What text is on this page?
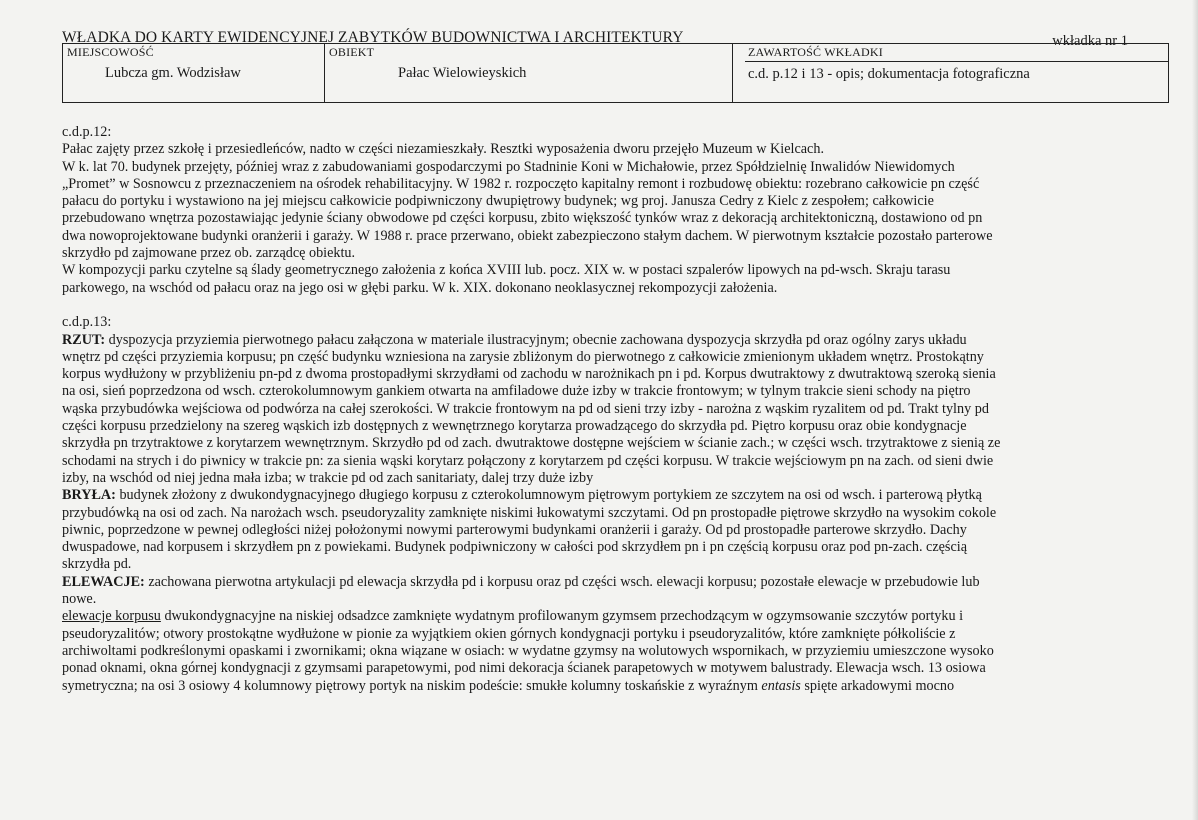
WŁADKA DO KARTY EWIDENCYJNEJ ZABYTKÓW BUDOWNICTWA I ARCHITEKTURY	wkładka nr 1
MIEJSCOWOŚĆ
Lubcza gm. Wodzisław
OBIEKT
Pałac Wielowieyskich
ZAWARTOŚĆ WKŁADKI
c.d. p.12 i 13 - opis; dokumentacja fotograficzna
c.d.p.12:
Pałac zajęty przez szkołę i przesiedleńców, nadto w części niezamieszkały. Resztki wyposażenia dworu przejęło Muzeum w Kielcach.
W k. lat 70. budynek przejęty, później wraz z zabudowaniami gospodarczymi po Stadninie Koni w Michałowie, przez Spółdzielnię Inwalidów Niewidomych
„Promet” w Sosnowcu z przeznaczeniem na ośrodek rehabilitacyjny. W 1982 r. rozpoczęto kapitalny remont i rozbudowę obiektu: rozebrano całkowicie pn część
pałacu do portyku i wystawiono na jej miejscu całkowicie podpiwniczony dwupiętrowy budynek; wg proj. Janusza Cedry z Kielc z zespołem; całkowicie
przebudowano wnętrza pozostawiając jedynie ściany obwodowe pd części korpusu, zbito większość tynków wraz z dekoracją architektoniczną, dostawiono od pn
dwa nowoprojektowane budynki oranżerii i garaży. W 1988 r. prace przerwano, obiekt zabezpieczono stałym dachem. W pierwotnym kształcie pozostało parterowe
skrzydło pd zajmowane przez ob. zarządcę obiektu.
W kompozycji parku czytelne są ślady geometrycznego założenia z końca XVIII lub. pocz. XIX w. w postaci szpalerów lipowych na pd-wsch. Skraju tarasu
parkowego, na wschód od pałacu oraz na jego osi w głębi parku. W k. XIX. dokonano neoklasycznej rekompozycji założenia.
c.d.p.13:
RZUT: dyspozycja przyziemia pierwotnego pałacu załączona w materiale ilustracyjnym; obecnie zachowana dyspozycja skrzydła pd oraz ogólny zarys układu
wnętrz pd części przyziemia korpusu; pn część budynku wzniesiona na zarysie zbliżonym do pierwotnego z całkowicie zmienionym układem wnętrz. Prostokątny
korpus wydłużony w przybliżeniu pn-pd z dwoma prostopadłymi skrzydłami od zachodu w narożnikach pn i pd. Korpus dwutraktowy z dwutraktową szeroką sienia
na osi, sień poprzedzona od wsch. czterokolumnowym gankiem otwarta na amfiladowe duże izby w trakcie frontowym; w tylnym trakcie sieni schody na piętro
wąska przybudówka wejściowa od podwórza na całej szerokości. W trakcie frontowym na pd od sieni trzy izby - narożna z wąskim ryzalitem od pd. Trakt tylny pd
części korpusu przedzielony na szereg wąskich izb dostępnych z wewnętrznego korytarza prowadzącego do skrzydła pd. Piętro korpusu oraz obie kondygnacje
skrzydła pn trzytraktowe z korytarzem wewnętrznym. Skrzydło pd od zach. dwutraktowe dostępne wejściem w ścianie zach.; w części wsch. trzytraktowe z sienią ze
schodami na strych i do piwnicy w trakcie pn: za sienia wąski korytarz połączony z korytarzem pd części korpusu. W trakcie wejściowym pn na zach. od sieni dwie
izby, na wschód od niej jedna mała izba; w trakcie pd od zach sanitariaty, dalej trzy duże izby
BRYŁA: budynek złożony z dwukondygnacyjnego długiego korpusu z czterokolumnowym piętrowym portykiem ze szczytem na osi od wsch. i parterową płytką
przybudówką na osi od zach. Na narożach wsch. pseudoryzality zamknięte niskimi łukowatymi szczytami. Od pn prostopadłe piętrowe skrzydło na wysokim cokole
piwnic, poprzedzone w pewnej odległości niżej położonymi nowymi parterowymi budynkami oranżerii i garaży. Od pd prostopadłe parterowe skrzydło. Dachy
dwuspadowe, nad korpusem i skrzydłem pn z powiekami. Budynek podpiwniczony w całości pod skrzydłem pn i pn częścią korpusu oraz pod pn-zach. częścią
skrzydła pd.
ELEWACJE: zachowana pierwotna artykulacji pd elewacja skrzydła pd i korpusu oraz pd części wsch. elewacji korpusu; pozostałe elewacje w przebudowie lub
nowe.
elewacje korpusu dwukondygnacyjne na niskiej odsadzce zamknięte wydatnym profilowanym gzymsem przechodzącym w ogzymsowanie szczytów portyku i
pseudoryzalitów; otwory prostokątne wydłużone w pionie za wyjątkiem okien górnych kondygnacji portyku i pseudoryzalitów, które zamknięte półkoliście z
archiwoltami podkreślonymi opaskami i zwornikami; okna wiązane w osiach: w wydatne gzymsy na wolutowych wspornikach, w przyziemiu umieszczone wysoko
ponad oknami, okna górnej kondygnacji z gzymsami parapetowymi, pod nimi dekoracja ścianek parapetowych w motywem balustrady. Elewacja wsch. 13 osiowa
symetryczna; na osi 3 osiowy 4 kolumnowy piętrowy portyk na niskim podeście: smukłe kolumny toskańskie z wyraźnym entasis spięte arkadowymi mocno
